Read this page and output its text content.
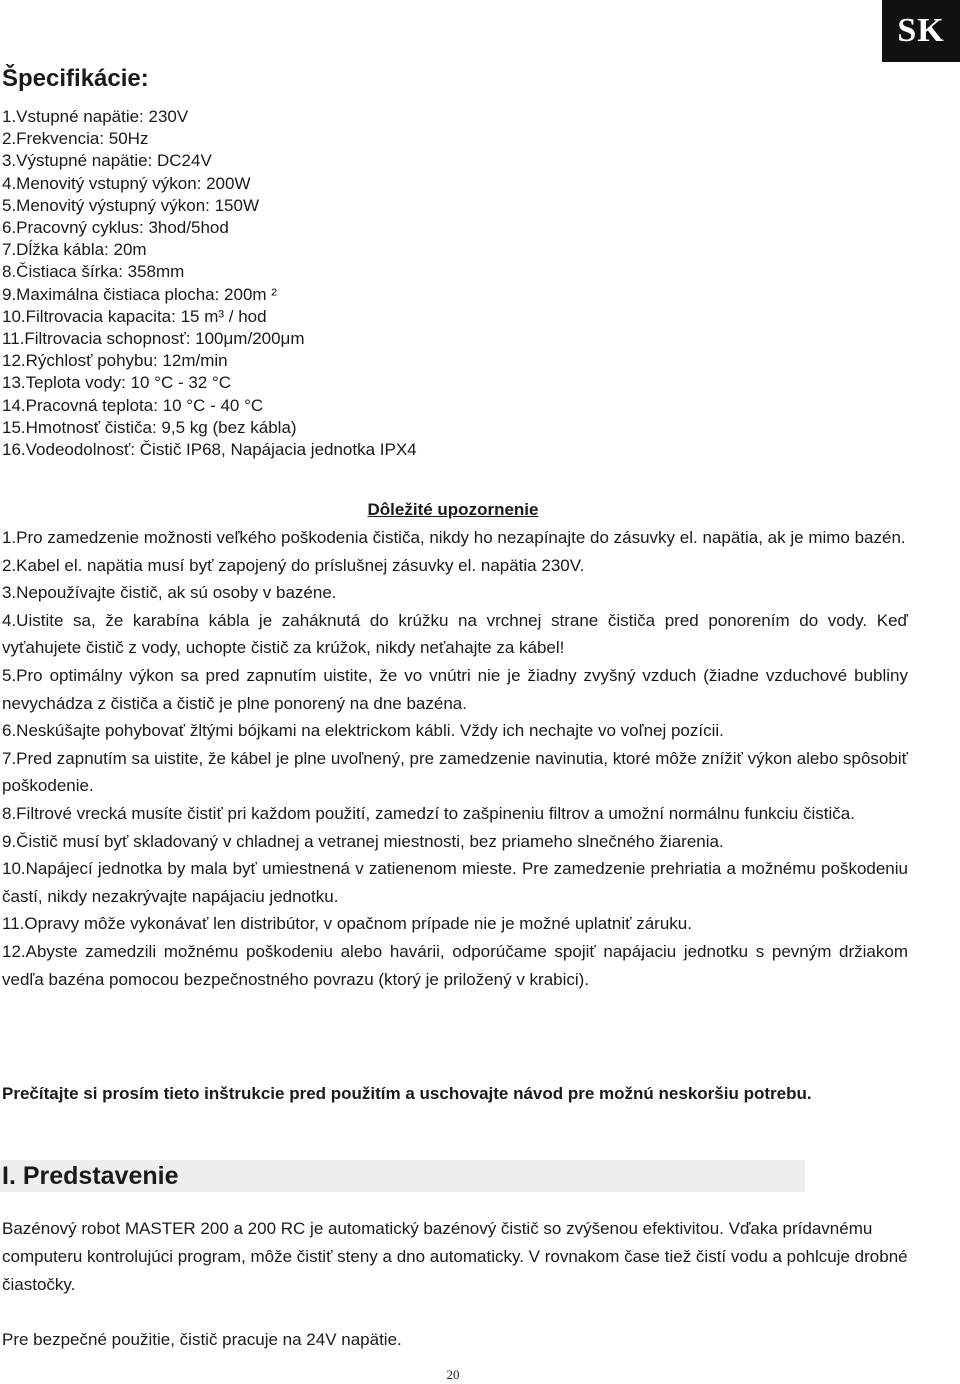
SK
Špecifikácie:
1.Vstupné napätie: 230V
2.Frekvencia: 50Hz
3.Výstupné napätie: DC24V
4.Menovitý vstupný výkon: 200W
5.Menovitý výstupný výkon: 150W
6.Pracovný cyklus: 3hod/5hod
7.Dĺžka kábla: 20m
8.Čistiaca šírka: 358mm
9.Maximálna čistiaca plocha: 200m ²
10.Filtrovacia kapacita: 15 m³ / hod
11.Filtrovacia schopnosť: 100μm/200μm
12.Rýchlosť pohybu: 12m/min
13.Teplota vody: 10 °C - 32 °C
14.Pracovná teplota: 10 °C - 40 °C
15.Hmotnosť čističa: 9,5 kg (bez kábla)
16.Vodeodolnosť: Čistič IP68, Napájacia jednotka IPX4
Dôležité upozornenie
1.Pro zamedzenie možnosti veľkého poškodenia čističa, nikdy ho nezapínajte do zásuvky el. napätia, ak je mimo bazén.
2.Kabel el. napätia musí byť zapojený do príslušnej zásuvky el. napätia 230V.
3.Nepoužívajte čistič, ak sú osoby v bazéne.
4.Uistite sa, že karabína kábla je zaháknutá do krúžku na vrchnej strane čističa pred ponorením do vody. Keď vyťahujete čistič z vody, uchopte čistič za krúžok, nikdy neťahajte za kábel!
5.Pro optimálny výkon sa pred zapnutím uistite, že vo vnútri nie je žiadny zvyšný vzduch (žiadne vzduchové bubliny nevychádza z čističa a čistič je plne ponorený na dne bazéna.
6.Neskúšajte pohybovať žltými bójkami na elektrickom kábli. Vždy ich nechajte vo voľnej pozícii.
7.Pred zapnutím sa uistite, že kábel je plne uvoľnený, pre zamedzenie navinutia, ktoré môže znížiť výkon alebo spôsobiť poškodenie.
8.Filtrové vrecká musíte čistiť pri každom použití, zamedzí to zašpineniu filtrov a umožní normálnu funkciu čističa.
9.Čistič musí byť skladovaný v chladnej a vetranej miestnosti, bez priameho slnečného žiarenia.
10.Napájecí jednotka by mala byť umiestnená v zatienenom mieste. Pre zamedzenie prehriatia a možnému poškodeniu častí, nikdy nezakrývajte napájaciu jednotku.
11.Opravy môže vykonávať len distribútor, v opačnom prípade nie je možné uplatniť záruku.
12.Abyste zamedzili možnému poškodeniu alebo havárii, odporúčame spojiť napájaciu jednotku s pevným držiakom vedľa bazéna pomocou bezpečnostného povrazu (ktorý je priložený v krabici).

Prečítajte si prosím tieto inštrukcie pred použitím a uschovajte návod pre možnú neskoršiu potrebu.

I. Predstavenie

Bazénový robot MASTER 200 a 200 RC je automatický bazénový čistič so zvýšenou efektivitou. Vďaka prídavnému computeru kontrolujúci program, môže čistiť steny a dno automaticky. V rovnakom čase tiež čistí vodu a pohlcuje drobné čiastočky.

Pre bezpečné použitie, čistič pracuje na 24V napätie.

20
